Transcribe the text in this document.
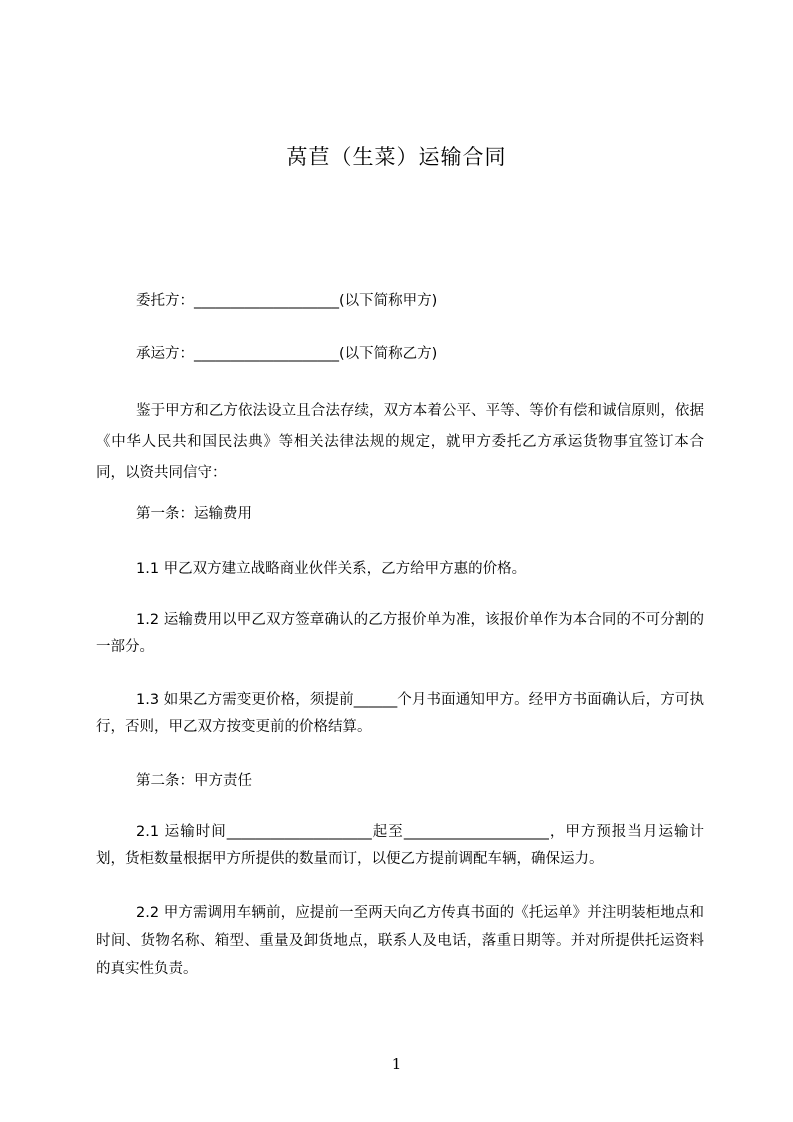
莴苣（生菜）运输合同
委托方：____________________(以下简称甲方)
承运方：____________________(以下简称乙方)
鉴于甲方和乙方依法设立且合法存续，双方本着公平、平等、等价有偿和诚信原则，依据《中华人民共和国民法典》等相关法律法规的规定，就甲方委托乙方承运货物事宜签订本合同，以资共同信守：
第一条：运输费用
1.1 甲乙双方建立战略商业伙伴关系，乙方给甲方惠的价格。
1.2 运输费用以甲乙双方签章确认的乙方报价单为准，该报价单作为本合同的不可分割的一部分。
1.3 如果乙方需变更价格，须提前______个月书面通知甲方。经甲方书面确认后，方可执行，否则，甲乙双方按变更前的价格结算。
第二条：甲方责任
2.1 运输时间____________________起至____________________，甲方预报当月运输计划，货柜数量根据甲方所提供的数量而订，以便乙方提前调配车辆，确保运力。
2.2 甲方需调用车辆前，应提前一至两天向乙方传真书面的《托运单》并注明装柜地点和时间、货物名称、箱型、重量及卸货地点，联系人及电话，落重日期等。并对所提供托运资料的真实性负责。
1
